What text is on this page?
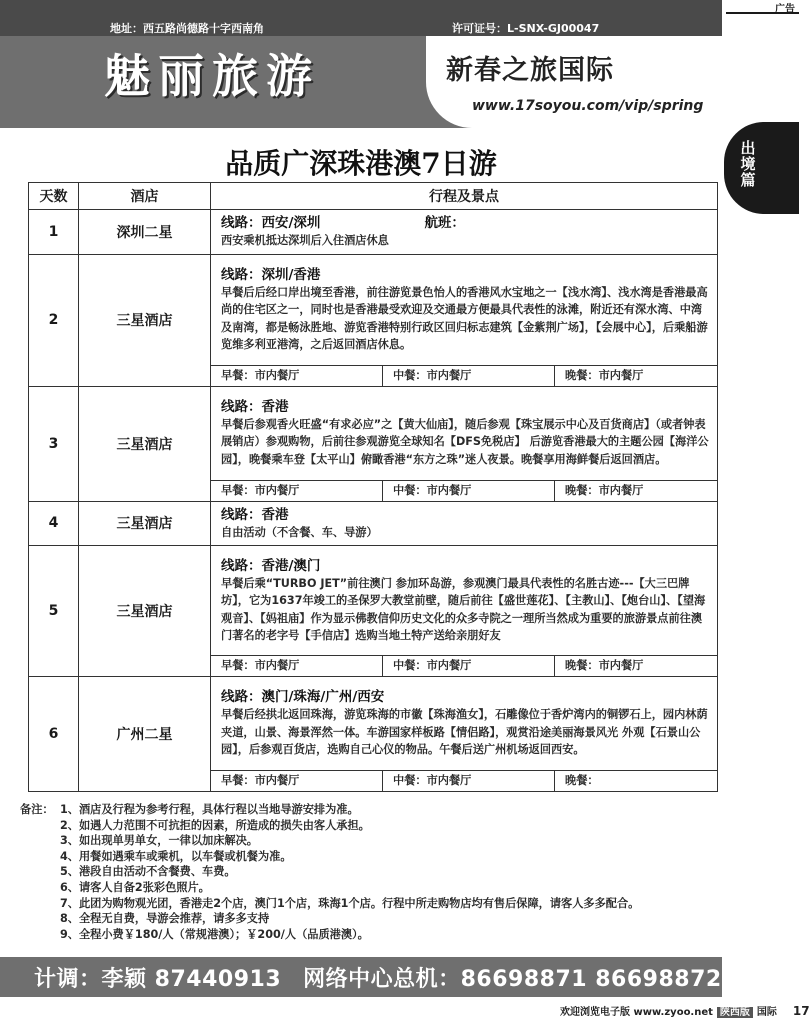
地址：西五路尚德路十字西南角	许可证号：L-SNX-GJ00047
魅丽旅游	新春之旅国际
www.17soyou.com/vip/spring
广告
出境篇
品质广深珠港澳7日游
天数	酒店	行程及景点
1	深圳二星	线路：西安/深圳 航班：
西安乘机抵达深圳后入住酒店休息

2	三星酒店	线路：深圳/香港
早餐后后经口岸出境至香港，前往游览景色怡人的香港风水宝地之一【浅水湾】、浅水湾是香港最高尚的住宅区之一，同时也是香港最受欢迎及交通最方便最具代表性的泳滩，附近还有深水湾、中湾及南湾，都是畅泳胜地、游览香港特别行政区回归标志建筑【金紫荆广场】，【会展中心】，后乘船游览维多利亚港湾，之后返回酒店休息。

		早餐：市内餐厅 中餐：市内餐厅 晚餐：市内餐厅

3	三星酒店	线路：香港
早餐后参观香火旺盛“有求必应”之【黄大仙庙】，随后参观【珠宝展示中心及百货商店】（或者钟表展销店）参观购物，后前往参观游览全球知名【DFS免税店】 后游览香港最大的主题公园【海洋公园】，晚餐乘车登【太平山】俯瞰香港“东方之珠”迷人夜景。晚餐享用海鲜餐后返回酒店。

		早餐：市内餐厅 中餐：市内餐厅 晚餐：市内餐厅

4	三星酒店	线路：香港
自由活动（不含餐、车、导游）

5	三星酒店	线路：香港/澳门
早餐后乘“TURBO JET”前往澳门 参加环岛游，参观澳门最具代表性的名胜古迹---【大三巴牌坊】，它为1637年竣工的圣保罗大教堂前壁，随后前往【盛世莲花】、【主教山】、【炮台山】、【望海观音】、【妈祖庙】作为显示佛教信仰历史文化的众多寺院之一理所当然成为重要的旅游景点前往澳门著名的老字号【手信店】选购当地土特产送给亲朋好友

		早餐：市内餐厅 中餐：市内餐厅 晚餐：市内餐厅

6	广州二星	线路：澳门/珠海/广州/西安
早餐后经拱北返回珠海，游览珠海的市徽【珠海渔女】，石雕像位于香炉湾内的铜锣石上，园内林荫夹道，山景、海景浑然一体。车游国家样板路【情侣路】，观赏沿途美丽海景风光 外观【石景山公园】，后参观百货店，选购自己心仪的物品。午餐后送广州机场返回西安。

		早餐：市内餐厅 中餐：市内餐厅 晚餐：
备注： 1、酒店及行程为参考行程，具体行程以当地导游安排为准。
2、如遇人力范围不可抗拒的因素，所造成的损失由客人承担。
3、如出现单男单女，一律以加床解决。
4、用餐如遇乘车或乘机，以车餐或机餐为准。
5、港段自由活动不含餐费、车费。
6、请客人自备2张彩色照片。
7、此团为购物观光团，香港走2个店，澳门1个店，珠海1个店。行程中所走购物店均有售后保障，请客人多多配合。
8、全程无自费，导游会推荐，请多多支持
9、全程小费￥180/人（常规港澳）；￥200/人（品质港澳）。
计调：李颖 87440913 网络中心总机：86698871 86698872
欢迎浏览电子版 www.zyoo.net 陕西版 国际 17
